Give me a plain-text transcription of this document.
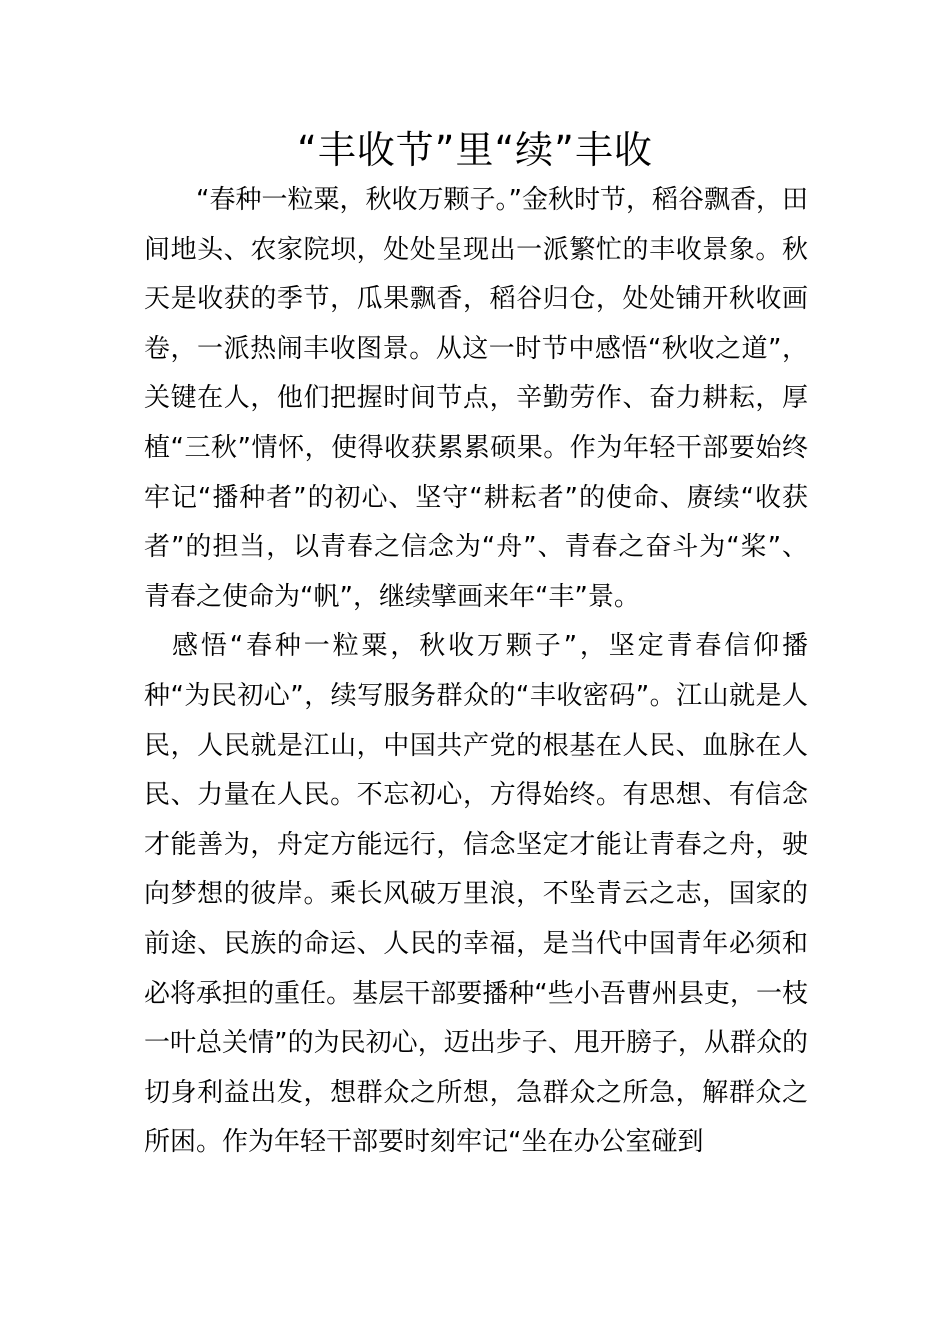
“丰收节”里“续”丰收

“春种一粒粟，秋收万颗子。”金秋时节，稻谷飘香，田间地头、农家院坝，处处呈现出一派繁忙的丰收景象。秋天是收获的季节，瓜果飘香，稻谷归仓，处处铺开秋收画卷，一派热闹丰收图景。从这一时节中感悟“秋收之道”，关键在人，他们把握时间节点，辛勤劳作、奋力耕耘，厚植“三秋”情怀，使得收获累累硕果。作为年轻干部要始终牢记“播种者”的初心、坚守“耕耘者”的使命、赓续“收获者”的担当，以青春之信念为“舟”、青春之奋斗为“桨”、青春之使命为“帆”，继续擘画来年“丰”景。

感悟“春种一粒粟，秋收万颗子”，坚定青春信仰播种“为民初心”，续写服务群众的“丰收密码”。江山就是人民，人民就是江山，中国共产党的根基在人民、血脉在人民、力量在人民。不忘初心，方得始终。有思想、有信念才能善为，舟定方能远行，信念坚定才能让青春之舟，驶向梦想的彼岸。乘长风破万里浪，不坠青云之志，国家的前途、民族的命运、人民的幸福，是当代中国青年必须和必将承担的重任。基层干部要播种“些小吾曹州县吏，一枝一叶总关情”的为民初心，迈出步子、甩开膀子，从群众的切身利益出发，想群众之所想，急群众之所急，解群众之所困。作为年轻干部要时刻牢记“坐在办公室碰到
